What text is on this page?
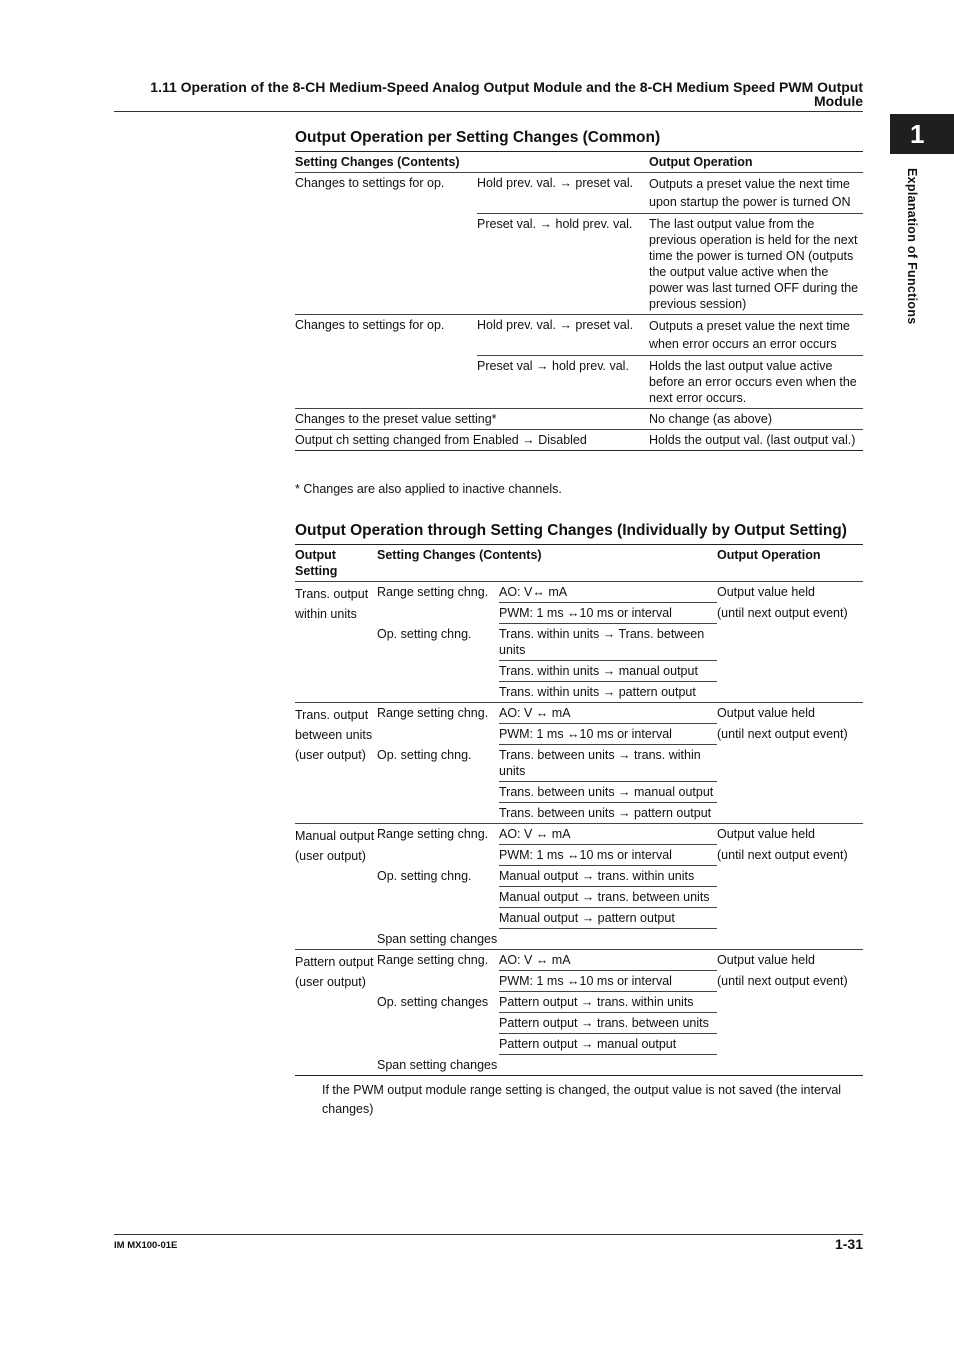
1.11 Operation of the 8-CH Medium-Speed Analog Output Module and the 8-CH Medium Speed PWM Output
Module
1
Explanation of Functions
Output Operation per Setting Changes (Common)
Setting Changes (Contents)		Output Operation
Changes to settings for op.	Hold prev. val. → preset val.	Outputs a preset value the next time upon startup the power is turned ON
	Preset val. → hold prev. val.	The last output value from the previous operation is held for the next time the power is turned ON (outputs the output value active when the power was last turned OFF during the previous session)
Changes to settings for op.	Hold prev. val. → preset val.	Outputs a preset value the next time when error occurs an error occurs
	Preset val → hold prev. val.	Holds the last output value active before an error occurs even when the next error occurs.
Changes to the preset value setting*		No change (as above)
Output ch setting changed from Enabled → Disabled		Holds the output val. (last output val.)
* Changes are also applied to inactive channels.
Output Operation through Setting Changes (Individually by Output Setting)
Output Setting	Setting Changes (Contents)		Output Operation

Trans. output
within units	Range setting chng.	AO: V↔ mA	Output value held
		PWM: 1 ms ↔10 ms or interval	(until next output event)
	Op. setting chng.	Trans. within units → Trans. between units	
		Trans. within units → manual output	
		Trans. within units → pattern output	

Trans. output
between units
(user output)	Range setting chng.	AO: V ↔ mA	Output value held
		PWM: 1 ms ↔10 ms or interval	(until next output event)
	Op. setting chng.	Trans. between units → trans. within units	
		Trans. between units → manual output	
		Trans. between units → pattern output	

Manual output
(user output)	Range setting chng.	AO: V ↔ mA	Output value held
		PWM: 1 ms ↔10 ms or interval	(until next output event)
	Op. setting chng.	Manual output → trans. within units	
		Manual output → trans. between units	
		Manual output → pattern output	
	Span setting changes		

Pattern output
(user output)	Range setting chng.	AO: V ↔ mA	Output value held
		PWM: 1 ms ↔10 ms or interval	(until next output event)
	Op. setting changes	Pattern output → trans. within units	
		Pattern output → trans. between units	
		Pattern output → manual output	
	Span setting changes		
If the PWM output module range setting is changed, the output value is not saved (the interval changes)
IM MX100-01E	1-31
